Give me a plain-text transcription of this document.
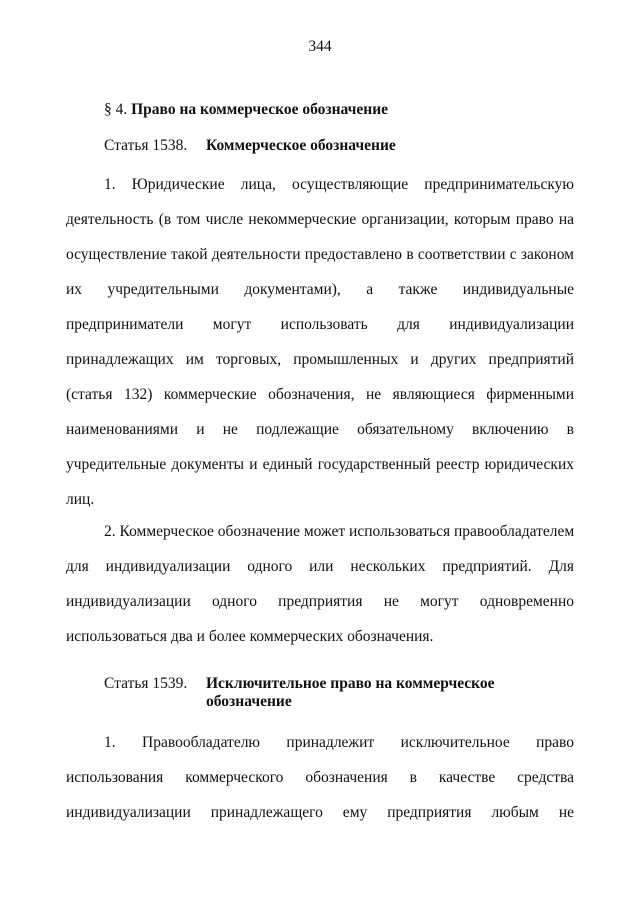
344
§ 4. Право на коммерческое обозначение
Статья 1538.	Коммерческое обозначение
1. Юридические лица, осуществляющие предпринимательскую
деятельность (в том числе некоммерческие организации, которым право на
осуществление такой деятельности предоставлено в соответствии с законом
их учредительными документами), а также индивидуальные
предприниматели могут использовать для индивидуализации
принадлежащих им торговых, промышленных и других предприятий
(статья 132) коммерческие обозначения, не являющиеся фирменными
наименованиями и не подлежащие обязательному включению в
учредительные документы и единый государственный реестр юридических
лиц.
2. Коммерческое обозначение может использоваться правообладателем
для индивидуализации одного или нескольких предприятий. Для
индивидуализации одного предприятия не могут одновременно
использоваться два и более коммерческих обозначения.
Статья 1539.	Исключительное право на коммерческое
обозначение
1. Правообладателю принадлежит исключительное право
использования коммерческого обозначения в качестве средства
индивидуализации принадлежащего ему предприятия любым не
